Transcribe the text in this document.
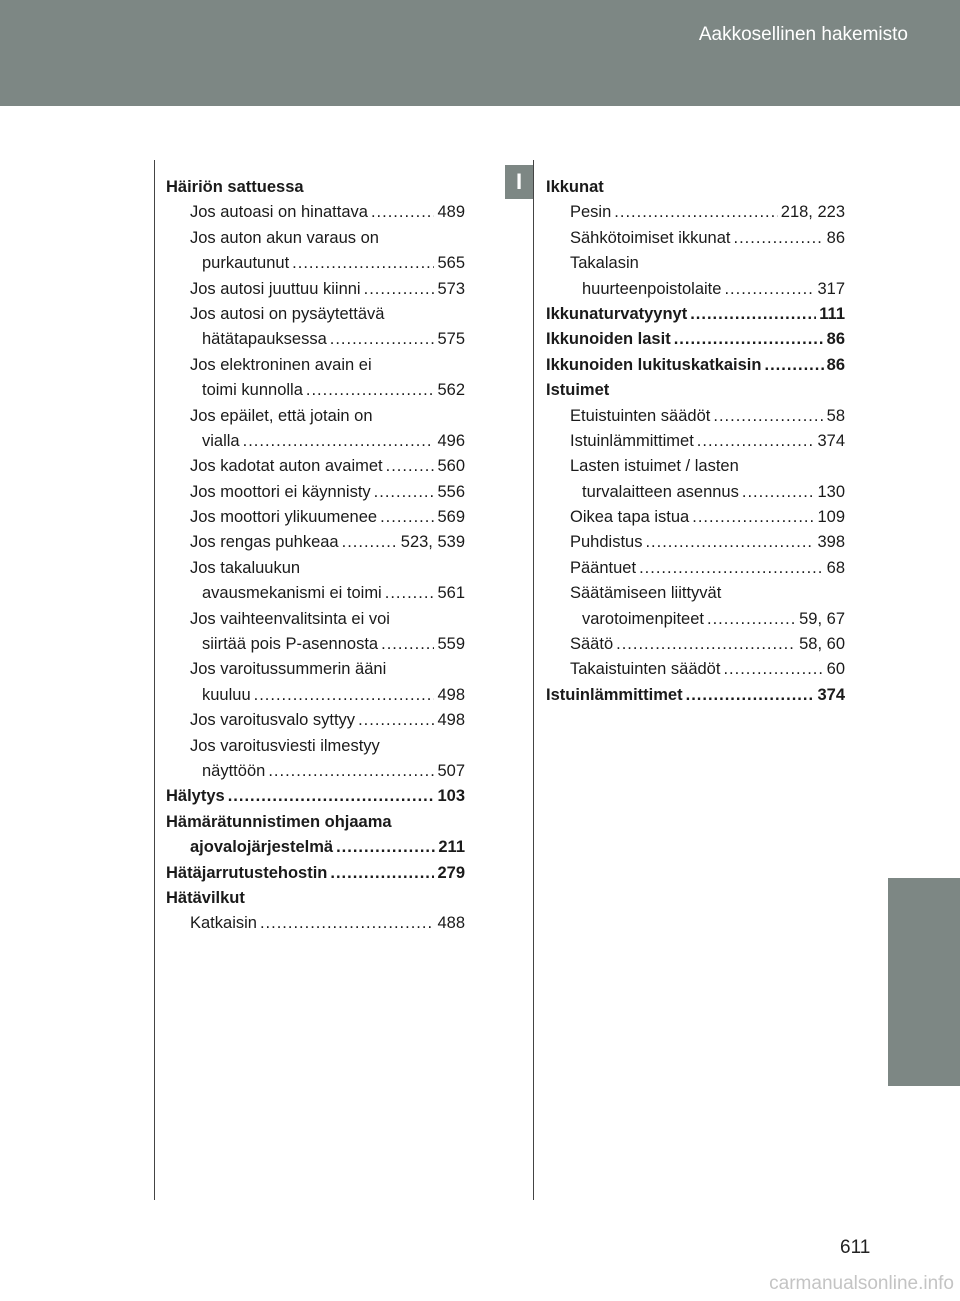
Aakkosellinen hakemisto
I
Häiriön sattuessa
Jos autoasi on hinattava .....	489
Jos auton akun varaus on
purkautunut .....	565
Jos autosi juuttuu kiinni .....	573
Jos autosi on pysäytettävä
hätätapauksessa .....	575
Jos elektroninen avain ei
toimi kunnolla .....	562
Jos epäilet, että jotain on
vialla .....	496
Jos kadotat auton avaimet .....	560
Jos moottori ei käynnisty .....	556
Jos moottori ylikuumenee .....	569
Jos rengas puhkeaa .....	523, 539
Jos takaluukun
avausmekanismi ei toimi .....	561
Jos vaihteenvalitsinta ei voi
siirtää pois P-asennosta .....	559
Jos varoitussummerin ääni
kuuluu .....	498
Jos varoitusvalo syttyy .....	498
Jos varoitusviesti ilmestyy
näyttöön .....	507
Hälytys .....	103
Hämärätunnistimen ohjaama
ajovalojärjestelmä .....	211
Hätäjarrutustehostin .....	279
Hätävilkut
Katkaisin .....	488
Ikkunat
Pesin .....	218, 223
Sähkötoimiset ikkunat .....	86
Takalasin
huurteenpoistolaite .....	317
Ikkunaturvatyynyt .....	111
Ikkunoiden lasit .....	86
Ikkunoiden lukituskatkaisin .....	86
Istuimet
Etuistuinten säädöt .....	58
Istuinlämmittimet .....	374
Lasten istuimet / lasten
turvalaitteen asennus .....	130
Oikea tapa istua .....	109
Puhdistus .....	398
Pääntuet .....	68
Säätämiseen liittyvät
varotoimenpiteet .....	59, 67
Säätö .....	58, 60
Takaistuinten säädöt .....	60
Istuinlämmittimet .....	374
611
carmanualsonline.info
